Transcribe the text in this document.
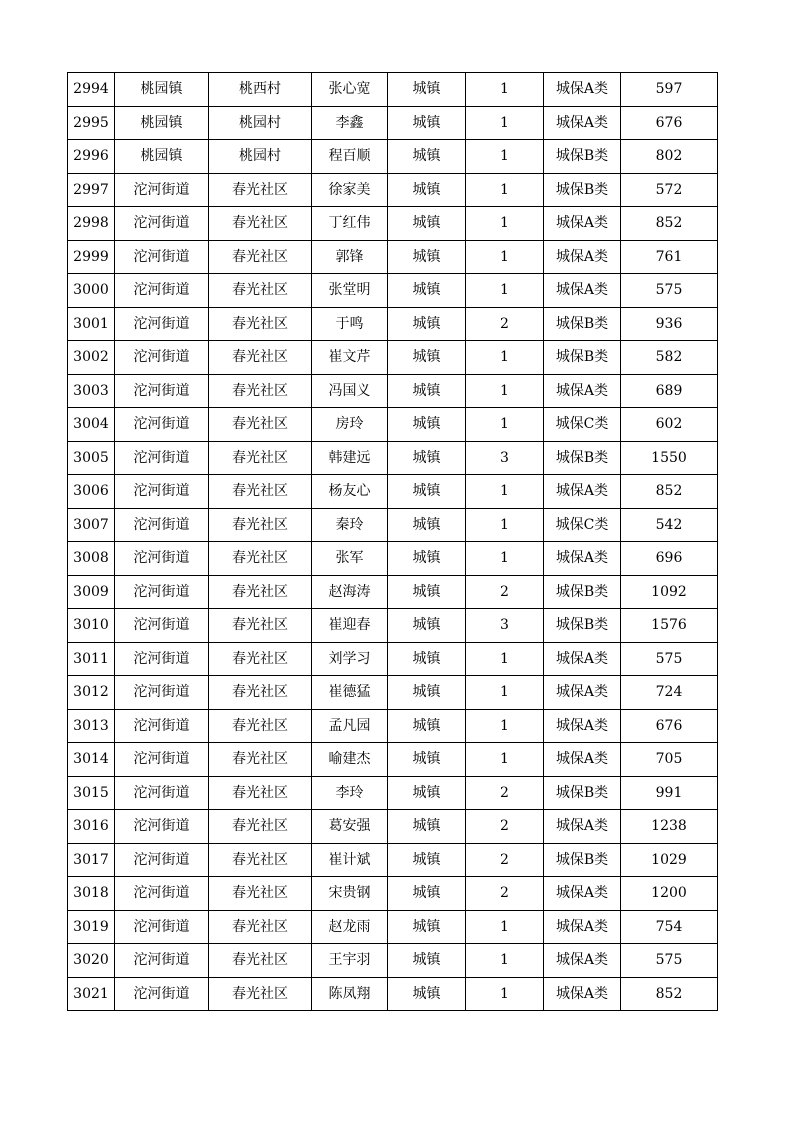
2994	桃园镇	桃西村	张心宽	城镇	1	城保A类	597
2995	桃园镇	桃园村	李鑫	城镇	1	城保A类	676
2996	桃园镇	桃园村	程百顺	城镇	1	城保B类	802
2997	沱河街道	春光社区	徐家美	城镇	1	城保B类	572
2998	沱河街道	春光社区	丁红伟	城镇	1	城保A类	852
2999	沱河街道	春光社区	郭锋	城镇	1	城保A类	761
3000	沱河街道	春光社区	张堂明	城镇	1	城保A类	575
3001	沱河街道	春光社区	于鸣	城镇	2	城保B类	936
3002	沱河街道	春光社区	崔文芹	城镇	1	城保B类	582
3003	沱河街道	春光社区	冯国义	城镇	1	城保A类	689
3004	沱河街道	春光社区	房玲	城镇	1	城保C类	602
3005	沱河街道	春光社区	韩建远	城镇	3	城保B类	1550
3006	沱河街道	春光社区	杨友心	城镇	1	城保A类	852
3007	沱河街道	春光社区	秦玲	城镇	1	城保C类	542
3008	沱河街道	春光社区	张军	城镇	1	城保A类	696
3009	沱河街道	春光社区	赵海涛	城镇	2	城保B类	1092
3010	沱河街道	春光社区	崔迎春	城镇	3	城保B类	1576
3011	沱河街道	春光社区	刘学习	城镇	1	城保A类	575
3012	沱河街道	春光社区	崔德猛	城镇	1	城保A类	724
3013	沱河街道	春光社区	孟凡园	城镇	1	城保A类	676
3014	沱河街道	春光社区	喻建杰	城镇	1	城保A类	705
3015	沱河街道	春光社区	李玲	城镇	2	城保B类	991
3016	沱河街道	春光社区	葛安强	城镇	2	城保A类	1238
3017	沱河街道	春光社区	崔计斌	城镇	2	城保B类	1029
3018	沱河街道	春光社区	宋贵钢	城镇	2	城保A类	1200
3019	沱河街道	春光社区	赵龙雨	城镇	1	城保A类	754
3020	沱河街道	春光社区	王宇羽	城镇	1	城保A类	575
3021	沱河街道	春光社区	陈凤翔	城镇	1	城保A类	852
